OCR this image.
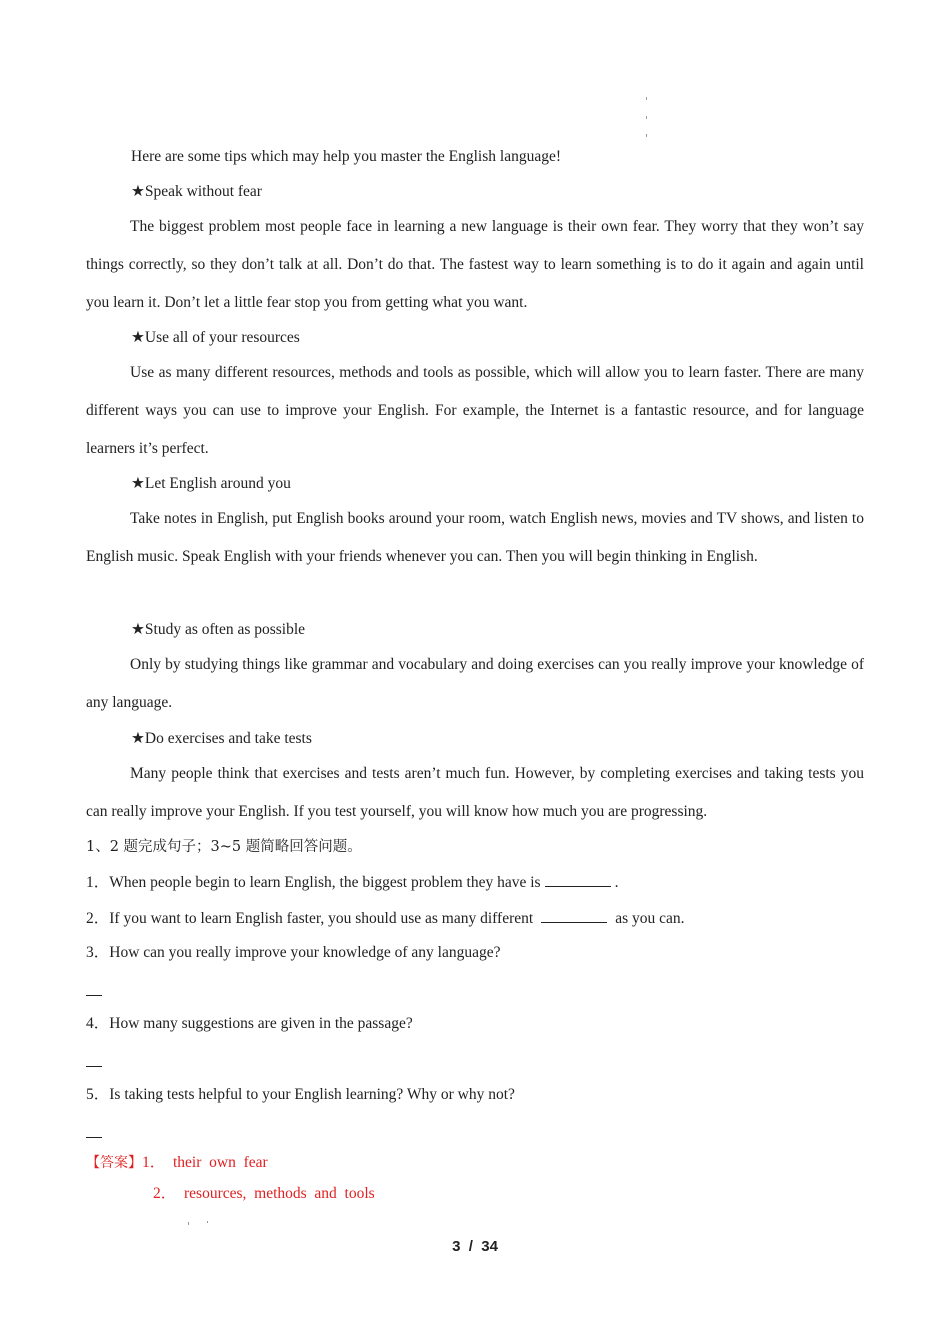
Here are some tips which may help you master the English language!
★Speak without fear
The biggest problem most people face in learning a new language is their own fear. They worry that they won’t say things correctly, so they don’t talk at all. Don’t do that. The fastest way to learn something is to do it again and again until you learn it. Don’t let a little fear stop you from getting what you want.
★Use all of your resources
Use as many different resources, methods and tools as possible, which will allow you to learn faster. There are many different ways you can use to improve your English. For example, the Internet is a fantastic resource, and for language learners it’s perfect.
★Let English around you
Take notes in English, put English books around your room, watch English news, movies and TV shows, and listen to English music. Speak English with your friends whenever you can. Then you will begin thinking in English.
★Study as often as possible
Only by studying things like grammar and vocabulary and doing exercises can you really improve your knowledge of any language.
★Do exercises and take tests
Many people think that exercises and tests aren’t much fun. However, by completing exercises and taking tests you can really improve your English. If you test yourself, you will know how much you are progressing.
1、2 题完成句子；3~5 题简略回答问题。
1．When people begin to learn English, the biggest problem they have is	.
2．If you want to learn English faster, you should use as many different	as you can.
3．How can you really improve your knowledge of any language?
4．How many suggestions are given in the passage?
5．Is taking tests helpful to your English learning? Why or why not?
【答案】1．  their  own  fear
2．  resources,  methods  and  tools
3  /  34
